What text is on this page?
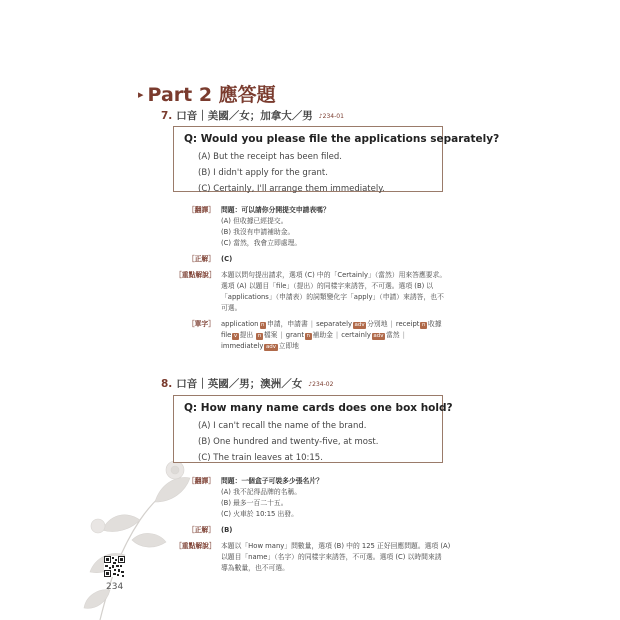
▸ Part 2 應答題
7. 口音｜美國／女；加拿大／男 ♪234-01
Q: Would you please file the applications separately?
(A) But the receipt has been filed.
(B) I didn't apply for the grant.
(C) Certainly, I'll arrange them immediately.
［翻譯］ 問題：可以請你分開提交申請表嗎？
(A) 但收據已經提交。
(B) 我沒有申請補助金。
(C) 當然，我會立即處理。
［正解］ (C)
［重點解說］ 本題以問句提出請求，選項 (C) 中的「Certainly」（當然）用來答應要求。
選項 (A) 以題目「file」（提出）的同樣字來誘答，不可選。選項 (B) 以
「applications」（申請表）的詞類變化字「apply」（申請）來誘答，也不
可選。
［單字］ application n 申請，申請書 | separately adv 分別地 | receipt n 收據
file v 提出 n 檔案 | grant n 補助金 | certainly adv 當然 |
immediately adv 立即地
8. 口音｜英國／男；澳洲／女 ♪234-02
Q: How many name cards does one box hold?
(A) I can't recall the name of the brand.
(B) One hundred and twenty-five, at most.
(C) The train leaves at 10:15.
［翻譯］ 問題：一個盒子可裝多少張名片？
(A) 我不記得品牌的名稱。
(B) 最多一百二十五。
(C) 火車於 10:15 出發。
［正解］ (B)
［重點解說］ 本題以「How many」問數量，選項 (B) 中的 125 正好回應問題。選項 (A)
以題目「name」（名字）的同樣字來誘答，不可選。選項 (C) 以時間來誘
導為數量，也不可選。
234
